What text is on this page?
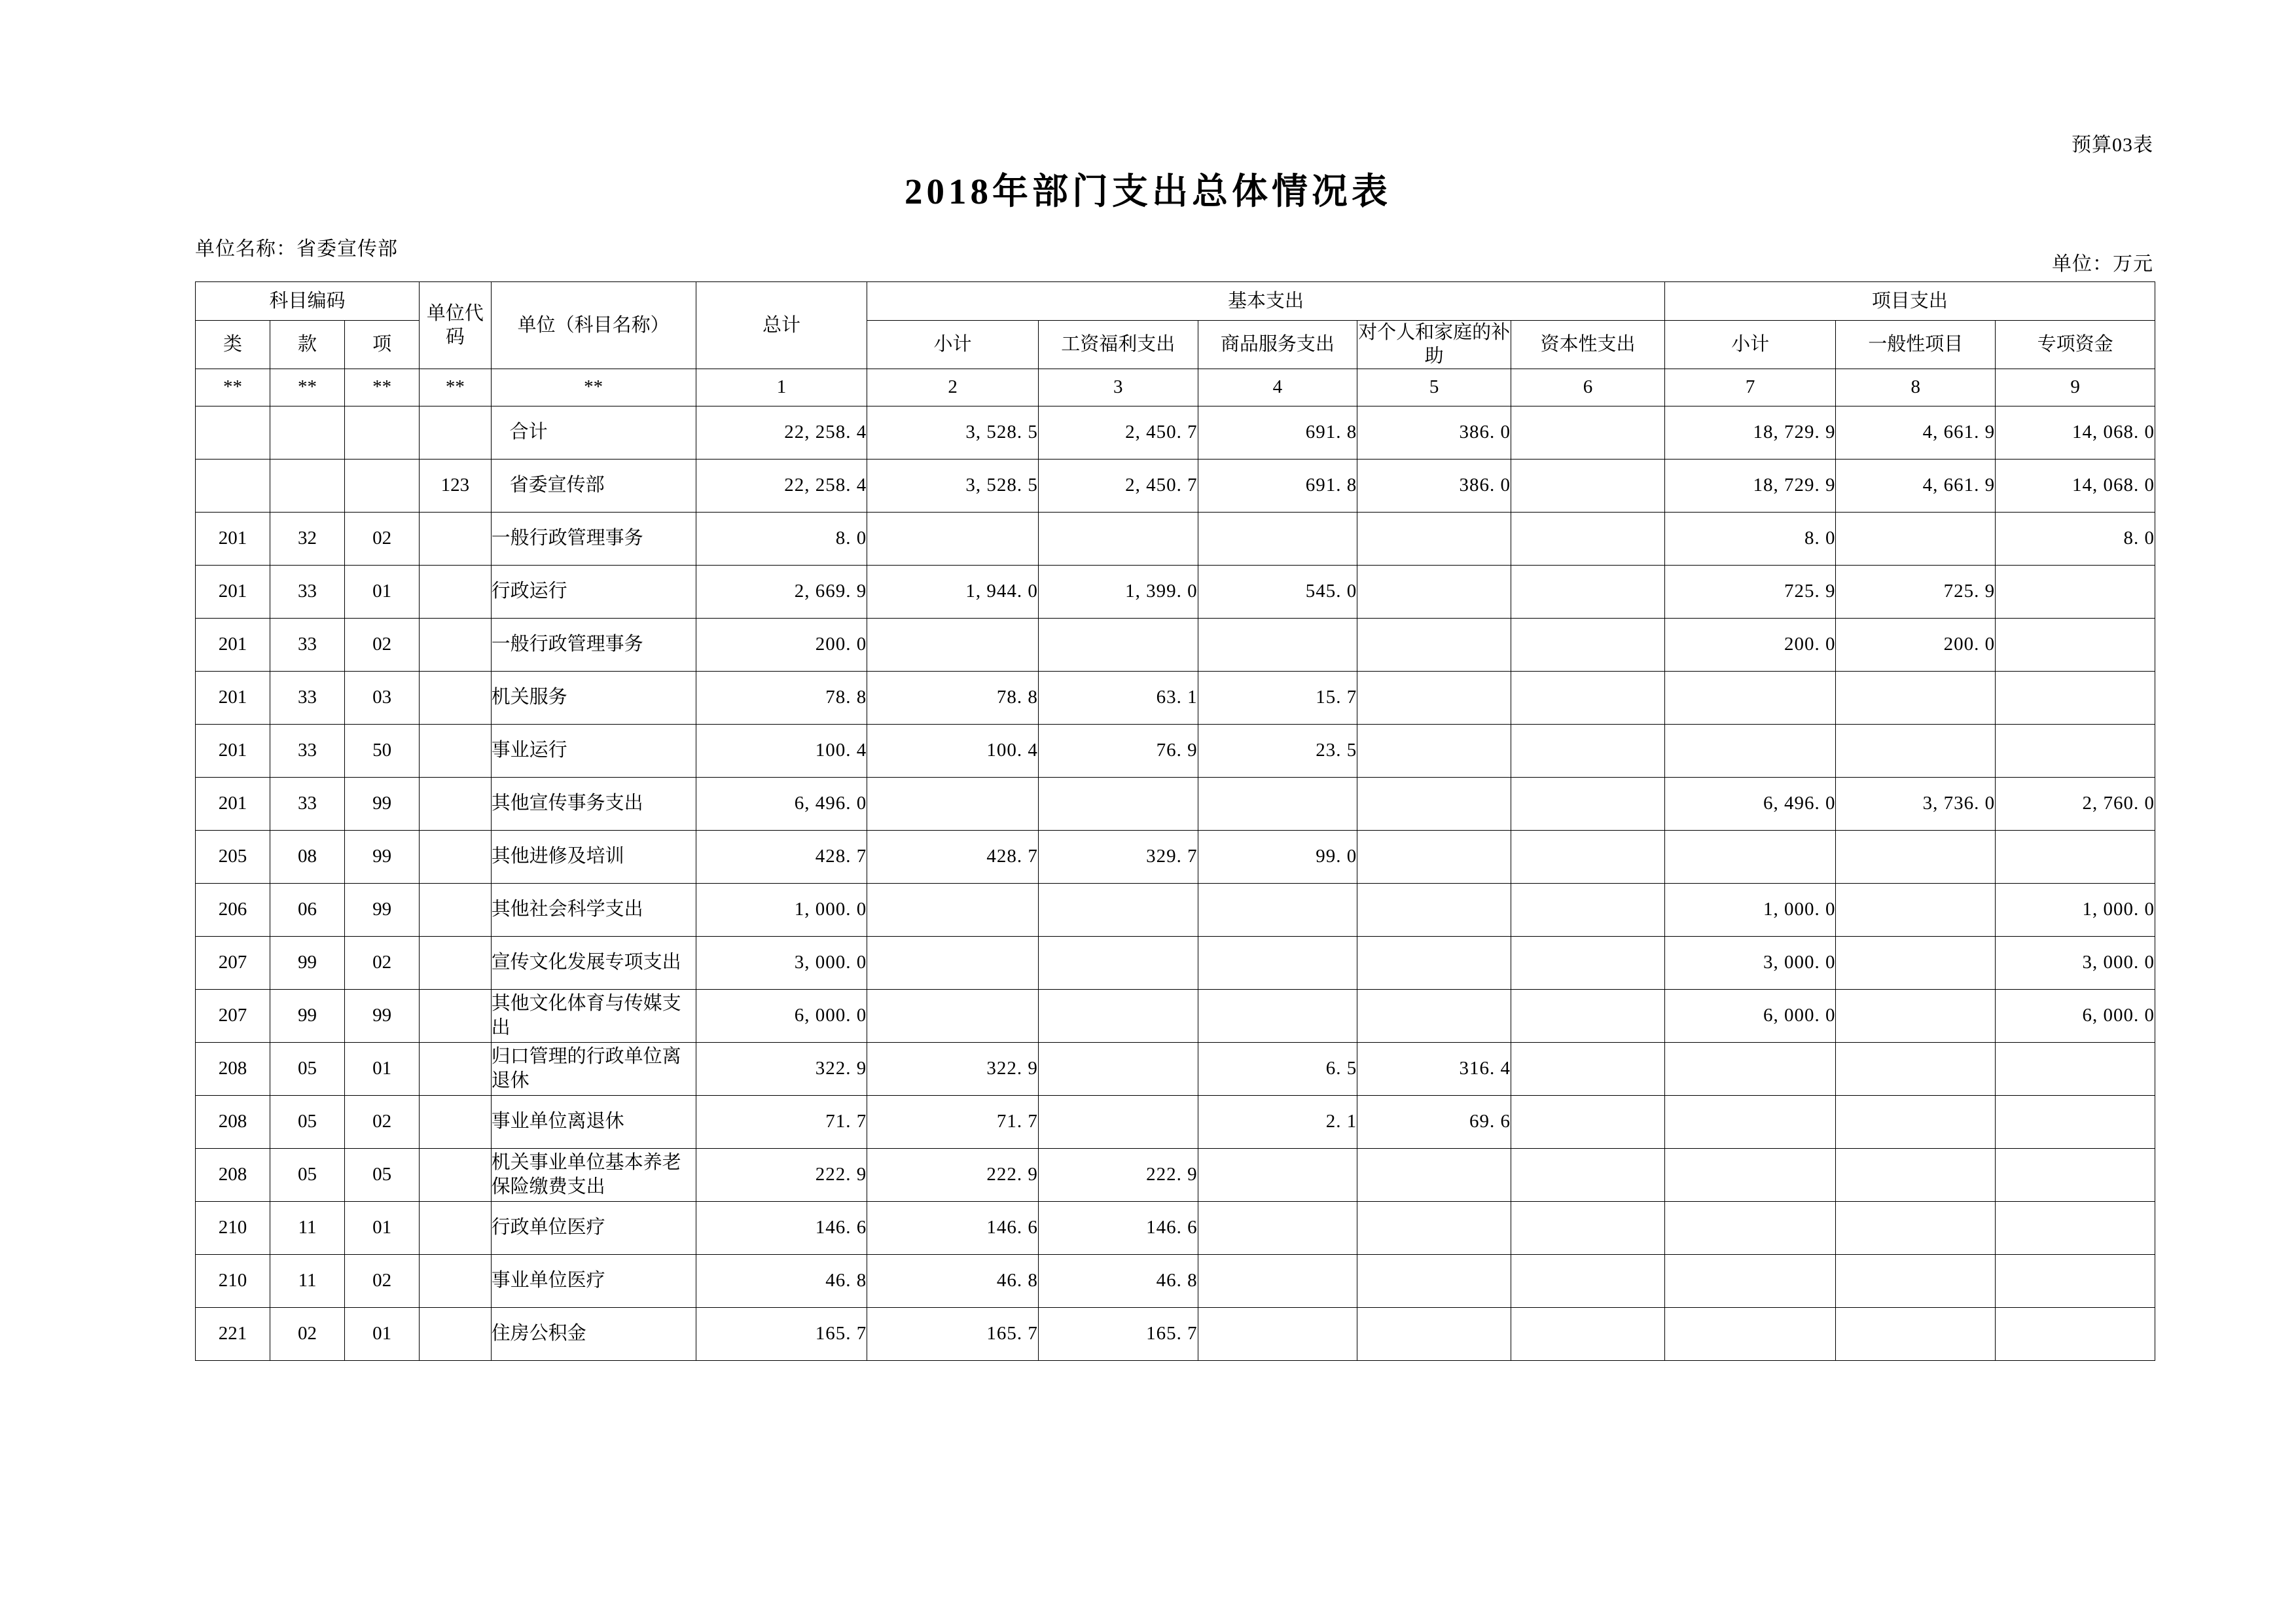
预算03表
2018年部门支出总体情况表
单位名称：省委宣传部
单位：万元
科目编码			单位代码	单位（科目名称）	总计	基本支出					项目支出		
类	款	项				小计	工资福利支出	商品服务支出	对个人和家庭的补助	资本性支出	小计	一般性项目	专项资金
**	**	**	**	**	1	2	3	4	5	6	7	8	9
				合计	22, 258. 4	3, 528. 5	2, 450. 7	691. 8	386. 0		18, 729. 9	4, 661. 9	14, 068. 0
			123	省委宣传部	22, 258. 4	3, 528. 5	2, 450. 7	691. 8	386. 0		18, 729. 9	4, 661. 9	14, 068. 0
201	32	02		一般行政管理事务	8. 0						8. 0		8. 0
201	33	01		行政运行	2, 669. 9	1, 944. 0	1, 399. 0	545. 0			725. 9	725. 9	
201	33	02		一般行政管理事务	200. 0						200. 0	200. 0	
201	33	03		机关服务	78. 8	78. 8	63. 1	15. 7					
201	33	50		事业运行	100. 4	100. 4	76. 9	23. 5					
201	33	99		其他宣传事务支出	6, 496. 0						6, 496. 0	3, 736. 0	2, 760. 0
205	08	99		其他进修及培训	428. 7	428. 7	329. 7	99. 0					
206	06	99		其他社会科学支出	1, 000. 0						1, 000. 0		1, 000. 0
207	99	02		宣传文化发展专项支出	3, 000. 0						3, 000. 0		3, 000. 0
207	99	99		其他文化体育与传媒支出	6, 000. 0						6, 000. 0		6, 000. 0
208	05	01		归口管理的行政单位离退休	322. 9	322. 9		6. 5	316. 4				
208	05	02		事业单位离退休	71. 7	71. 7		2. 1	69. 6				
208	05	05		机关事业单位基本养老保险缴费支出	222. 9	222. 9	222. 9						
210	11	01		行政单位医疗	146. 6	146. 6	146. 6						
210	11	02		事业单位医疗	46. 8	46. 8	46. 8						
221	02	01		住房公积金	165. 7	165. 7	165. 7						
